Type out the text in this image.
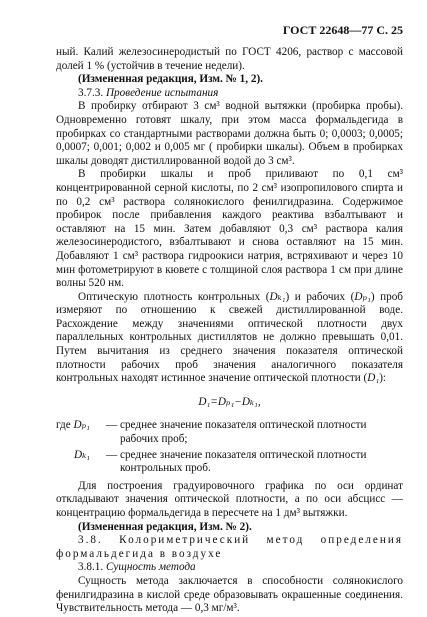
ГОСТ 22648—77 С. 25

ный. Калий железосинеродистый по ГОСТ 4206, раствор с массовой долей 1 % (устойчив в течение недели).

(Измененная редакция, Изм. № 1, 2).

3.7.3. Проведение испытания

В пробирку отбирают 3 см³ водной вытяжки (пробирка пробы). Одновременно готовят шкалу, при этом масса формальдегида в пробирках со стандартными растворами должна быть 0; 0,0003; 0,0005; 0,0007; 0,001; 0,002 и 0,005 мг ( пробирки шкалы). Объем в пробирках шкалы доводят дистиллированной водой до 3 см³.

В пробирки шкалы и проб приливают по 0,1 см³ концентрированной серной кислоты, по 2 см³ изопропилового спирта и по 0,2 см³ раствора солянокислого фенилгидразина. Содержимое пробирок после прибавления каждого реактива взбалтывают и оставляют на 15 мин. Затем добавляют 0,3 см³ раствора калия железосинеродистого, взбалтывают и снова оставляют на 15 мин. Добавляют 1 см³ раствора гидроокиси натрия, встряхивают и через 10 мин фотометрируют в кювете с толщиной слоя раствора 1 см при длине волны 520 нм.

Оптическую плотность контрольных (Dₖ₁) и рабочих (Dₚ₁) проб измеряют по отношению к свежей дистиллированной воде. Расхождение между значениями оптической плотности двух параллельных контрольных дистиллятов не должно превышать 0,01. Путем вычитания из среднего значения показателя оптической плотности рабочих проб значения аналогичного показателя контрольных находят истинное значение оптической плотности (D₁):

D₁=Dₚ₁−Dₖ₁,

где Dₚ₁	— среднее значение показателя оптической плотности рабочих проб;
Dₖ₁	— среднее значение показателя оптической плотности контрольных проб.

Для построения градуировочного графика по оси ординат откладывают значения оптической плотности, а по оси абсцисс — концентрацию формальдегида в пересчете на 1 дм³ вытяжки.

(Измененная редакция, Изм. № 2).

3.8. Колориметрический метод определения формальдегида в воздухе

3.8.1. Сущность метода

Сущность метода заключается в способности солянокислого фенилгидразина в кислой среде образовывать окрашенные соединения. Чувствительность метода — 0,3 мг/м³.
